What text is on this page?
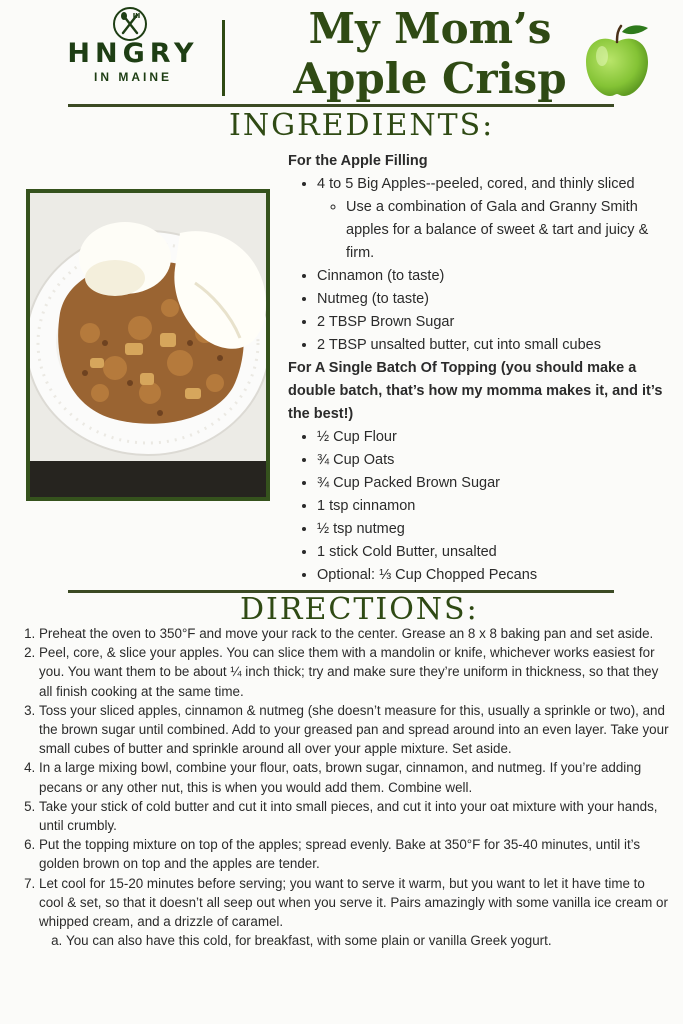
HNGRY
IN MAINE
My Mom’s
Apple Crisp
INGREDIENTS:

For the Apple Filling

• 4 to 5 Big Apples--peeled, cored, and thinly sliced
◦ Use a combination of Gala and Granny Smith apples for a balance of sweet & tart and juicy & firm.
• Cinnamon (to taste)
• Nutmeg (to taste)
• 2 TBSP Brown Sugar
• 2 TBSP unsalted butter, cut into small cubes

For A Single Batch Of Topping (you should make a double batch, that’s how my momma makes it, and it’s the best!)

• ½ Cup Flour
• ¾ Cup Oats
• ¾ Cup Packed Brown Sugar
• 1 tsp cinnamon
• ½ tsp nutmeg
• 1 stick Cold Butter, unsalted
• Optional: ⅓ Cup Chopped Pecans
DIRECTIONS:
1. Preheat the oven to 350°F and move your rack to the center. Grease an 8 x 8 baking pan and set aside.
2. Peel, core, & slice your apples. You can slice them with a mandolin or knife, whichever works easiest for you. You want them to be about ¼ inch thick; try and make sure they’re uniform in thickness, so that they all finish cooking at the same time.
3. Toss your sliced apples, cinnamon & nutmeg (she doesn’t measure for this, usually a sprinkle or two), and the brown sugar until combined. Add to your greased pan and spread around into an even layer. Take your small cubes of butter and sprinkle around all over your apple mixture. Set aside.
4. In a large mixing bowl, combine your flour, oats, brown sugar, cinnamon, and nutmeg. If you’re adding pecans or any other nut, this is when you would add them. Combine well.
5. Take your stick of cold butter and cut it into small pieces, and cut it into your oat mixture with your hands, until crumbly.
6. Put the topping mixture on top of the apples; spread evenly. Bake at 350°F for 35-40 minutes, until it’s golden brown on top and the apples are tender.
7. Let cool for 15-20 minutes before serving; you want to serve it warm, but you want to let it have time to cool & set, so that it doesn’t all seep out when you serve it. Pairs amazingly with some vanilla ice cream or whipped cream, and a drizzle of caramel.
a. You can also have this cold, for breakfast, with some plain or vanilla Greek yogurt.
